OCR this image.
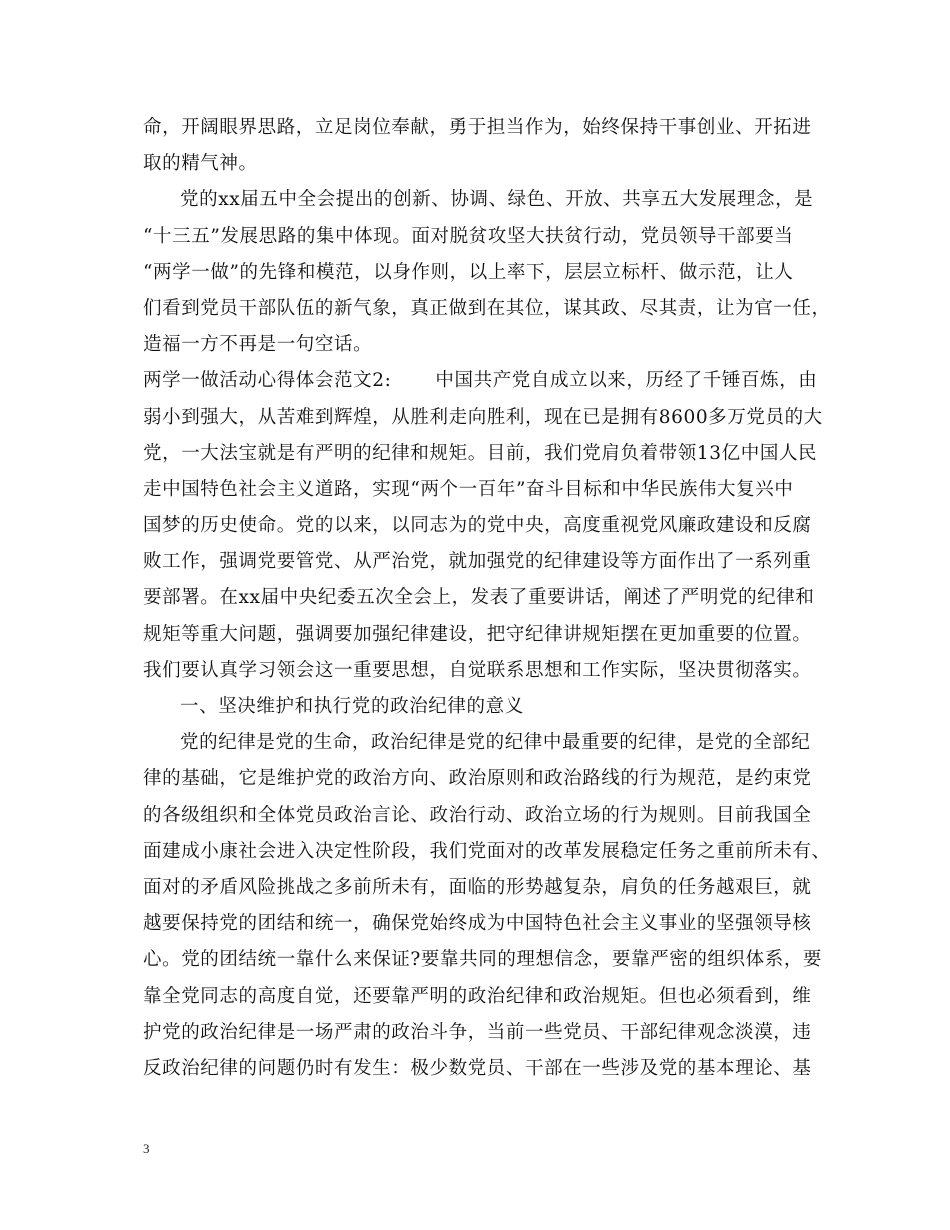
命，开阔眼界思路，立足岗位奉献，勇于担当作为，始终保持干事创业、开拓进
取的精气神。
党的xx届五中全会提出的创新、协调、绿色、开放、共享五大发展理念，是
“十三五”发展思路的集中体现。面对脱贫攻坚大扶贫行动，党员领导干部要当
“两学一做”的先锋和模范，以身作则，以上率下，层层立标杆、做示范，让人
们看到党员干部队伍的新气象，真正做到在其位，谋其政、尽其责，让为官一任，
造福一方不再是一句空话。
两学一做活动心得体会范文2: 中国共产党自成立以来，历经了千锤百炼，由
弱小到强大，从苦难到辉煌，从胜利走向胜利，现在已是拥有8600多万党员的大
党，一大法宝就是有严明的纪律和规矩。目前，我们党肩负着带领13亿中国人民
走中国特色社会主义道路，实现“两个一百年”奋斗目标和中华民族伟大复兴中
国梦的历史使命。党的以来，以同志为的党中央，高度重视党风廉政建设和反腐
败工作，强调党要管党、从严治党，就加强党的纪律建设等方面作出了一系列重
要部署。在xx届中央纪委五次全会上，发表了重要讲话，阐述了严明党的纪律和
规矩等重大问题，强调要加强纪律建设，把守纪律讲规矩摆在更加重要的位置。
我们要认真学习领会这一重要思想，自觉联系思想和工作实际，坚决贯彻落实。
一、坚决维护和执行党的政治纪律的意义
党的纪律是党的生命，政治纪律是党的纪律中最重要的纪律，是党的全部纪
律的基础，它是维护党的政治方向、政治原则和政治路线的行为规范，是约束党
的各级组织和全体党员政治言论、政治行动、政治立场的行为规则。目前我国全
面建成小康社会进入决定性阶段，我们党面对的改革发展稳定任务之重前所未有、
面对的矛盾风险挑战之多前所未有，面临的形势越复杂，肩负的任务越艰巨，就
越要保持党的团结和统一，确保党始终成为中国特色社会主义事业的坚强领导核
心。党的团结统一靠什么来保证?要靠共同的理想信念，要靠严密的组织体系，要
靠全党同志的高度自觉，还要靠严明的政治纪律和政治规矩。但也必须看到，维
护党的政治纪律是一场严肃的政治斗争，当前一些党员、干部纪律观念淡漠，违
反政治纪律的问题仍时有发生：极少数党员、干部在一些涉及党的基本理论、基
3
